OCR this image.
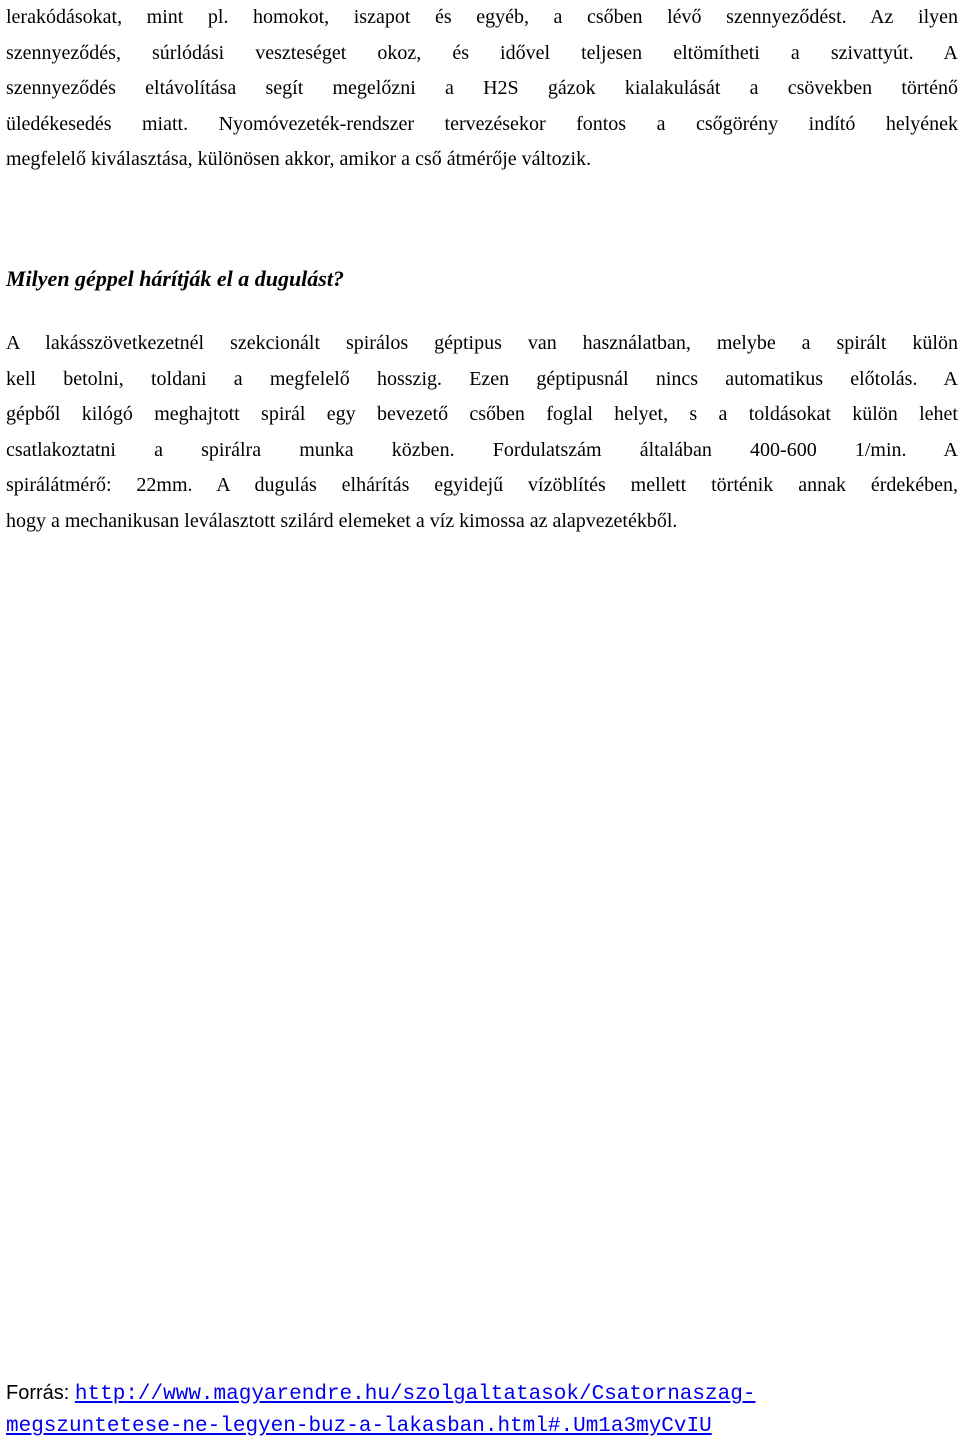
lerakódásokat, mint pl. homokot, iszapot és egyéb, a csőben lévő szennyeződést. Az ilyen
szennyeződés, súrlódási veszteséget okoz, és idővel teljesen eltömítheti a szivattyút. A
szennyeződés eltávolítása segít megelőzni a H2S gázok kialakulását a csövekben történő
üledékesedés miatt. Nyomóvezeték-rendszer tervezésekor fontos a csőgörény indító helyének
megfelelő kiválasztása, különösen akkor, amikor a cső átmérője változik.
Milyen géppel hárítják el a dugulást?
A lakásszövetkezetnél szekcionált spirálos géptipus van használatban, melybe a spirált külön
kell betolni, toldani a megfelelő hosszig. Ezen géptipusnál nincs automatikus előtolás. A
gépből kilógó meghajtott spirál egy bevezető csőben foglal helyet, s a toldásokat külön lehet
csatlakoztatni a spirálra munka közben. Fordulatszám általában 400-600 1/min. A
spirálátmérő: 22mm. A dugulás elhárítás egyidejű vízöblítés mellett történik annak érdekében,
hogy a mechanikusan leválasztott szilárd elemeket a víz kimossa az alapvezetékből.
Forrás: http://www.magyarendre.hu/szolgaltatasok/Csatornaszag-
megszuntetese-ne-legyen-buz-a-lakasban.html#.Um1a3myCvIU
